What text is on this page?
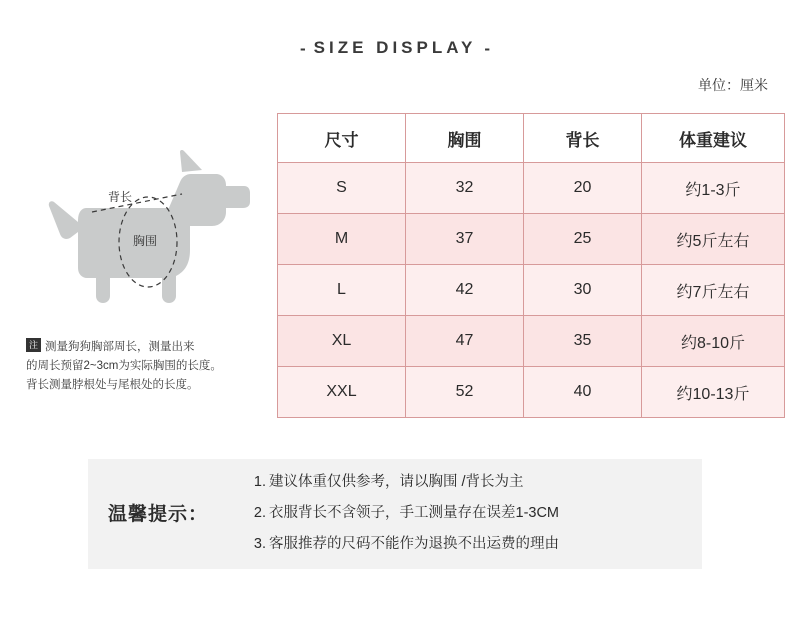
- SIZE DISPLAY -
单位：厘米
背长
胸围
注 测量狗狗胸部周长，测量出来
的周长预留2~3cm为实际胸围的长度。
背长测量脖根处与尾根处的长度。
尺寸	胸围	背长	体重建议
S	32	20	约1-3斤
M	37	25	约5斤左右
L	42	30	约7斤左右
XL	47	35	约8-10斤
XXL	52	40	约10-13斤
温馨提示：
1. 建议体重仅供参考，请以胸围 /背长为主
2. 衣服背长不含领子，手工测量存在误差1-3CM
3. 客服推荐的尺码不能作为退换不出运费的理由
